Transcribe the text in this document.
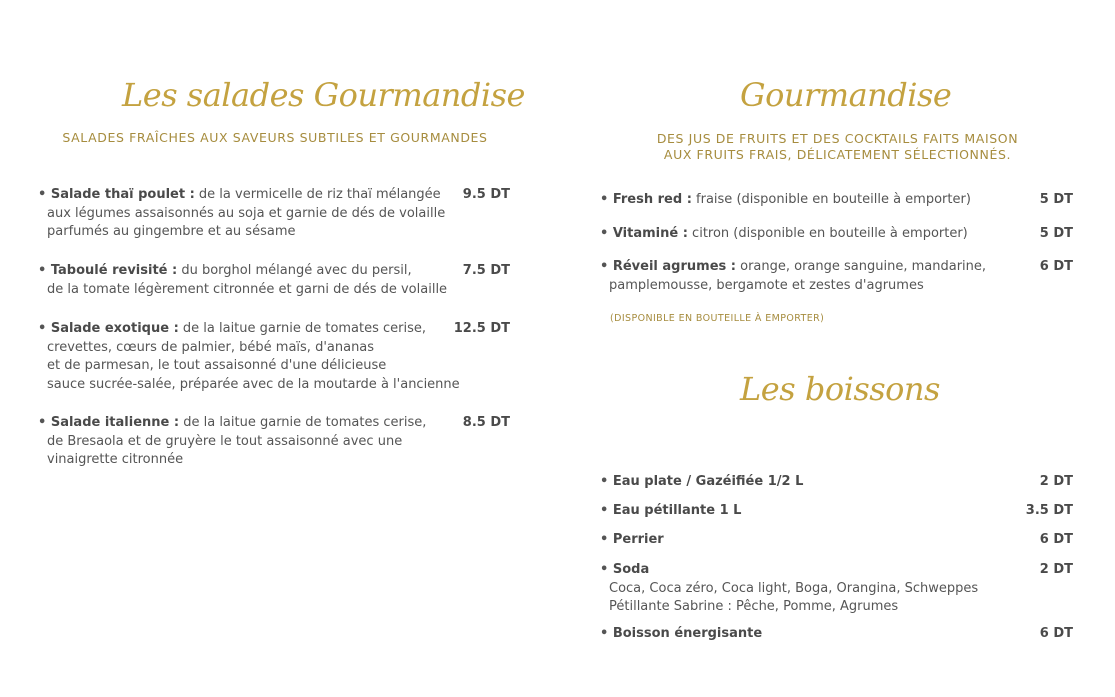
Les salades Gourmandise
SALADES FRAÎCHES AUX SAVEURS SUBTILES ET GOURMANDES
• Salade thaï poulet : de la vermicelle de riz thaï mélangée
aux légumes assaisonnés au soja et garnie de dés de volaille
parfumés au gingembre et au sésame
9.5 DT
• Taboulé revisité : du borghol mélangé avec du persil,
de la tomate légèrement citronnée et garni de dés de volaille
7.5 DT
• Salade exotique : de la laitue garnie de tomates cerise,
crevettes, cœurs de palmier, bébé maïs, d'ananas
et de parmesan, le tout assaisonné d'une délicieuse
sauce sucrée-salée, préparée avec de la moutarde à l'ancienne
12.5 DT
• Salade italienne : de la laitue garnie de tomates cerise,
de Bresaola et de gruyère le tout assaisonné avec une
vinaigrette citronnée
8.5 DT
Gourmandise
DES JUS DE FRUITS ET DES COCKTAILS FAITS MAISON
AUX FRUITS FRAIS, DÉLICATEMENT SÉLECTIONNÉS.
• Fresh red : fraise (disponible en bouteille à emporter)	5 DT
• Vitaminé : citron (disponible en bouteille à emporter)	5 DT
• Réveil agrumes : orange, orange sanguine, mandarine,
pamplemousse, bergamote et zestes d'agrumes
6 DT
(DISPONIBLE EN BOUTEILLE À EMPORTER)
Les boissons
• Eau plate / Gazéifiée 1/2 L	2 DT
• Eau pétillante 1 L	3.5 DT
• Perrier	6 DT
• Soda
Coca, Coca zéro, Coca light, Boga, Orangina, Schweppes
Pétillante Sabrine : Pêche, Pomme, Agrumes
2 DT
• Boisson énergisante	6 DT
